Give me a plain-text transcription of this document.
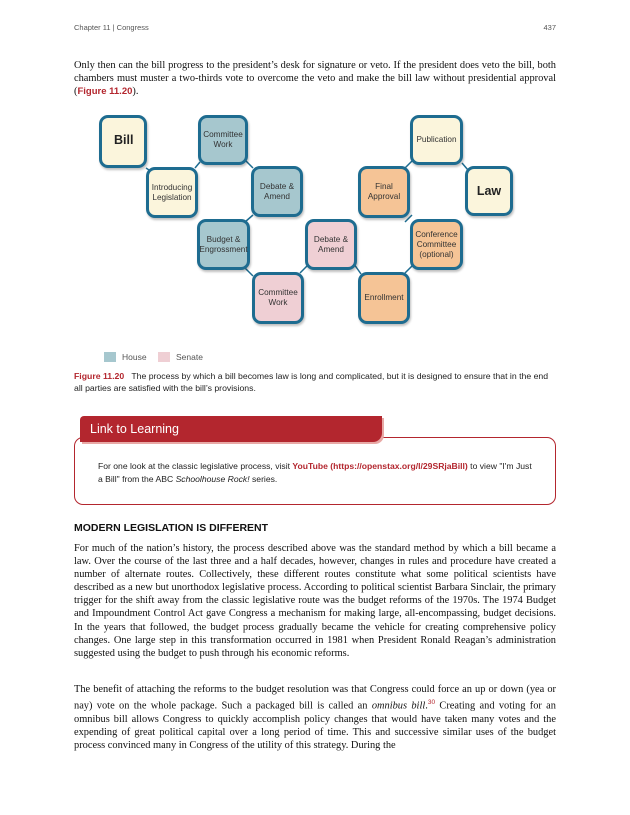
Chapter 11 | Congress	437
Only then can the bill progress to the president’s desk for signature or veto. If the president does veto the bill, both chambers must muster a two-thirds vote to overcome the veto and make the bill law without presidential approval (Figure 11.20).
Bill	Committee Work
Introducing Legislation
Debate & Amend
Budget & Engrossment
Committee Work
Debate & Amend
Final Approval
Enrollment
Conference Committee (optional)
Publication
Law
House	Senate
Figure 11.20 The process by which a bill becomes law is long and complicated, but it is designed to ensure that in the end all parties are satisfied with the bill’s provisions.
Link to Learning
For one look at the classic legislative process, visit YouTube (https://openstax.org/l/29SRjaBill) to view "I'm Just a Bill" from the ABC Schoolhouse Rock! series.
MODERN LEGISLATION IS DIFFERENT
For much of the nation’s history, the process described above was the standard method by which a bill became a law. Over the course of the last three and a half decades, however, changes in rules and procedure have created a number of alternate routes. Collectively, these different routes constitute what some political scientists have described as a new but unorthodox legislative process. According to political scientist Barbara Sinclair, the primary trigger for the shift away from the classic legislative route was the budget reforms of the 1970s. The 1974 Budget and Impoundment Control Act gave Congress a mechanism for making large, all-encompassing, budget decisions. In the years that followed, the budget process gradually became the vehicle for creating comprehensive policy changes. One large step in this transformation occurred in 1981 when President Ronald Reagan’s administration suggested using the budget to push through his economic reforms.
The benefit of attaching the reforms to the budget resolution was that Congress could force an up or down (yea or nay) vote on the whole package. Such a packaged bill is called an omnibus bill.$^{30}$ Creating and voting for an omnibus bill allows Congress to quickly accomplish policy changes that would have taken many votes and the expending of great political capital over a long period of time. This and successive similar uses of the budget process convinced many in Congress of the utility of this strategy. During the
